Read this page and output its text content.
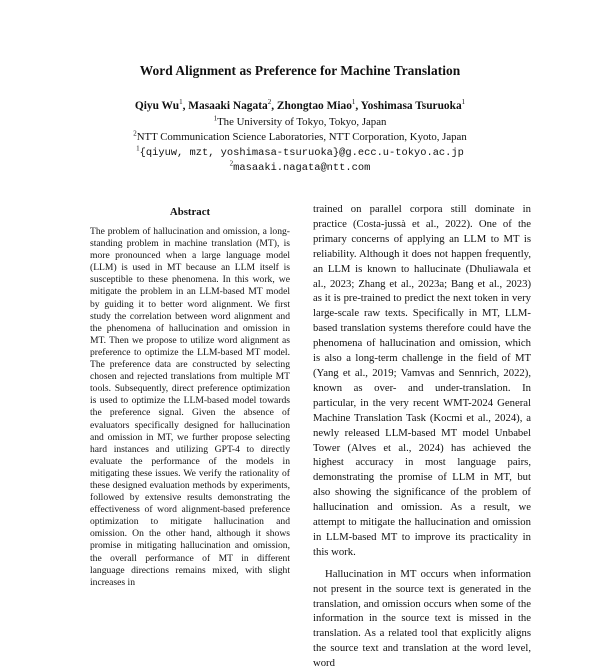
Word Alignment as Preference for Machine Translation
Qiyu Wu$^1$, Masaaki Nagata$^2$, Zhongtao Miao$^1$, Yoshimasa Tsuruoka$^1$
$^1$The University of Tokyo, Tokyo, Japan
$^2$NTT Communication Science Laboratories, NTT Corporation, Kyoto, Japan
$^1${qiyuw, mzt, yoshimasa-tsuruoka}@g.ecc.u-tokyo.ac.jp
$^2$masaaki.nagata@ntt.com
Abstract
The problem of hallucination and omission, a long-standing problem in machine translation (MT), is more pronounced when a large language model (LLM) is used in MT because an LLM itself is susceptible to these phenomena. In this work, we mitigate the problem in an LLM-based MT model by guiding it to better word alignment. We first study the correlation between word alignment and the phenomena of hallucination and omission in MT. Then we propose to utilize word alignment as preference to optimize the LLM-based MT model. The preference data are constructed by selecting chosen and rejected translations from multiple MT tools. Subsequently, direct preference optimization is used to optimize the LLM-based model towards the preference signal. Given the absence of evaluators specifically designed for hallucination and omission in MT, we further propose selecting hard instances and utilizing GPT-4 to directly evaluate the performance of the models in mitigating these issues. We verify the rationality of these designed evaluation methods by experiments, followed by extensive results demonstrating the effectiveness of word alignment-based preference optimization to mitigate hallucination and omission. On the other hand, although it shows promise in mitigating hallucination and omission, the overall performance of MT in different language directions remains mixed, with slight increases in

trained on parallel corpora still dominate in practice (Costa-jussà et al., 2022). One of the primary concerns of applying an LLM to MT is reliability. Although it does not happen frequently, an LLM is known to hallucinate (Dhuliawala et al., 2023; Zhang et al., 2023a; Bang et al., 2023) as it is pre-trained to predict the next token in very large-scale raw texts. Specifically in MT, LLM-based translation systems therefore could have the phenomena of hallucination and omission, which is also a long-term challenge in the field of MT (Yang et al., 2019; Vamvas and Sennrich, 2022), known as over- and under-translation. In particular, in the very recent WMT-2024 General Machine Translation Task (Kocmi et al., 2024), a newly released LLM-based MT model Unbabel Tower (Alves et al., 2024) has achieved the highest accuracy in most language pairs, demonstrating the promise of LLM in MT, but also showing the significance of the problem of hallucination and omission. As a result, we attempt to mitigate the hallucination and omission in LLM-based MT to improve its practicality in this work.

Hallucination in MT occurs when information not present in the source text is generated in the translation, and omission occurs when some of the information in the source text is missed in the translation. As a related tool that explicitly aligns the source text and translation at the word level, word
